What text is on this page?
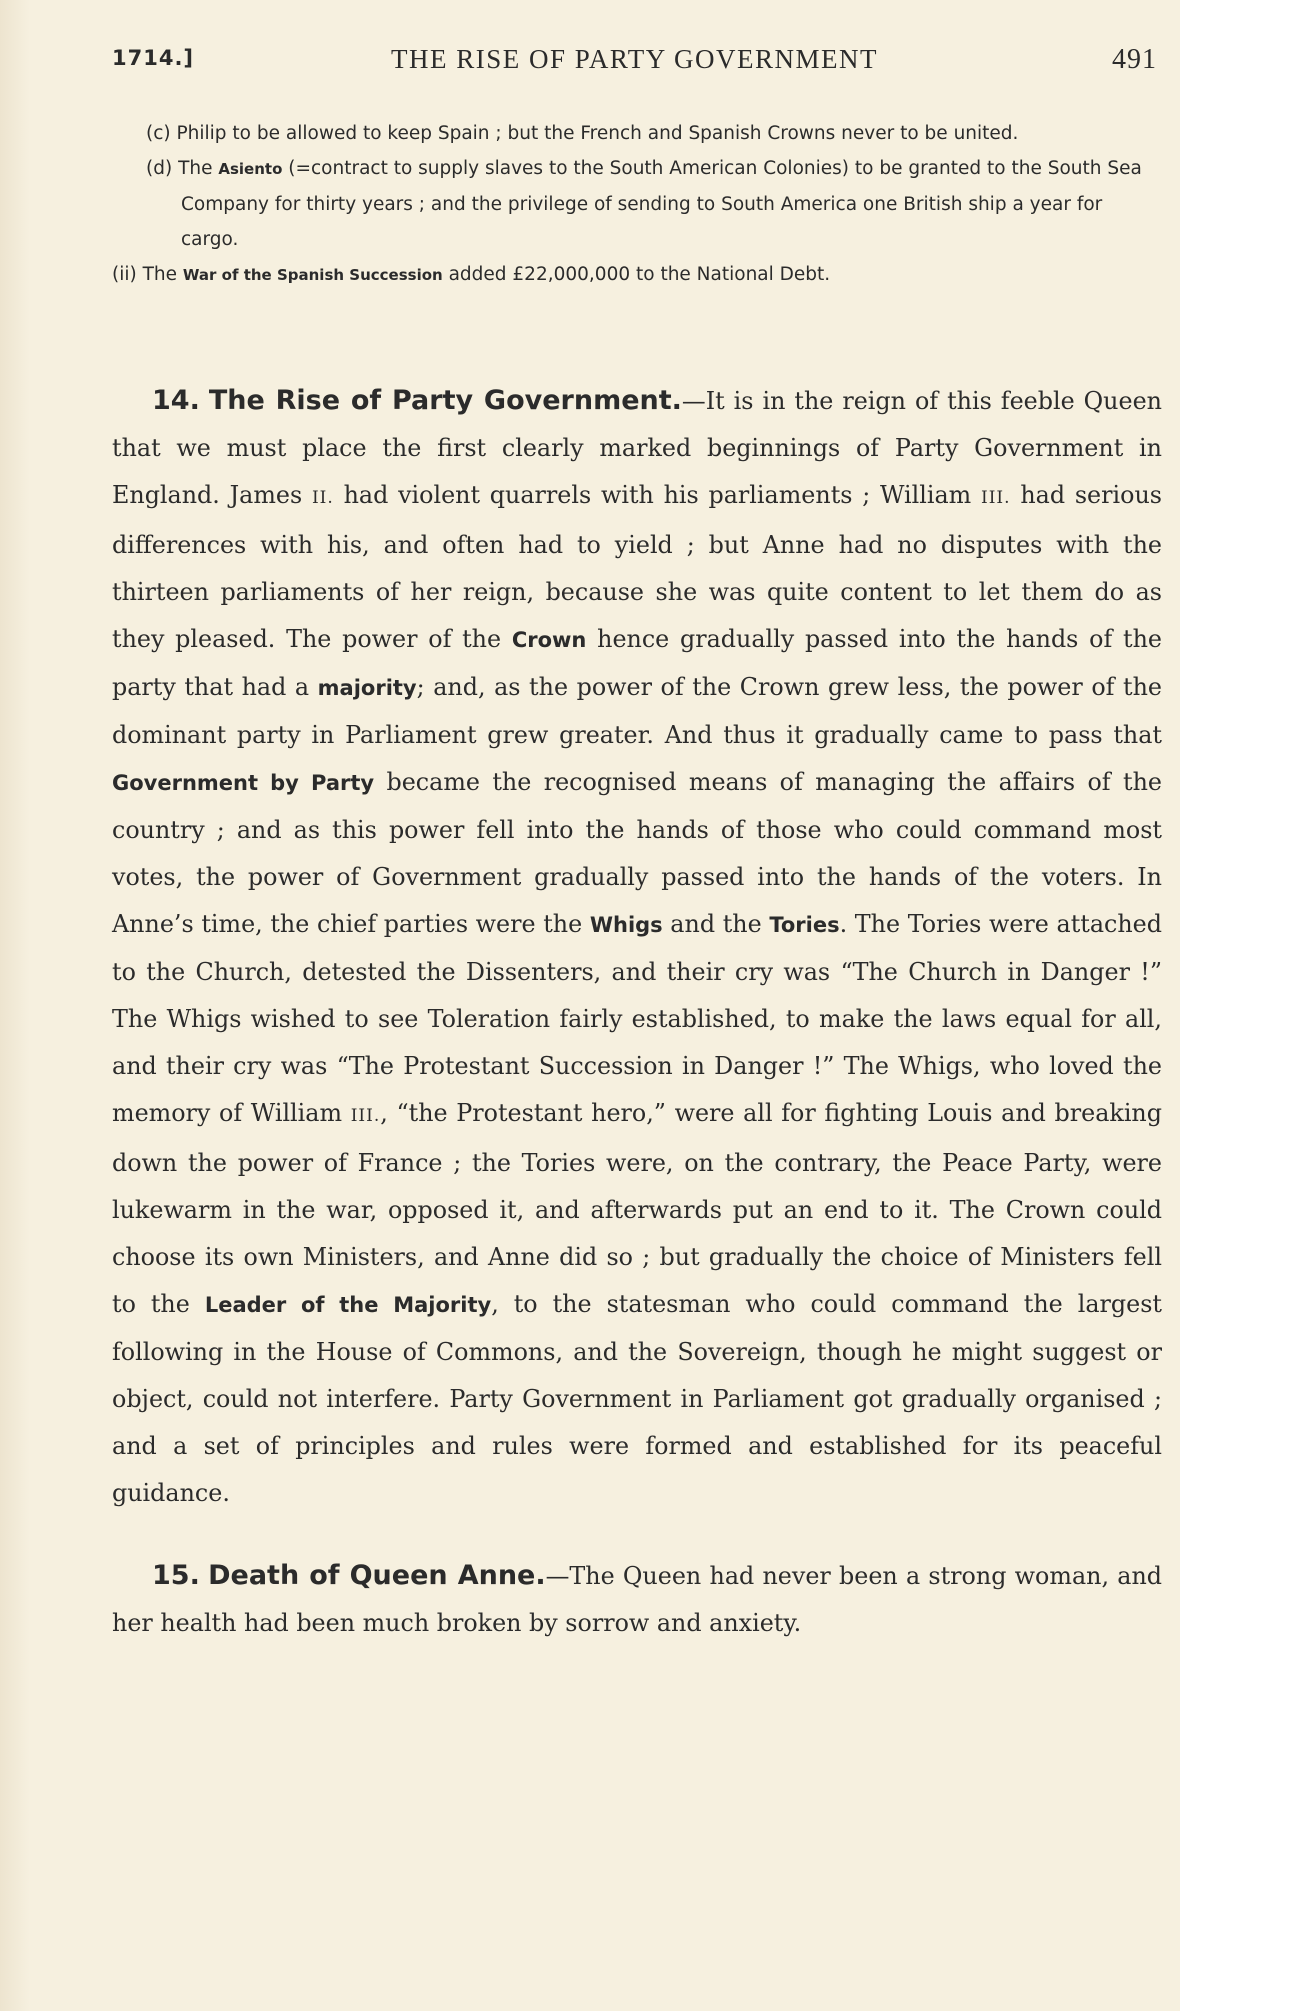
1714.]	THE RISE OF PARTY GOVERNMENT	491

(c) Philip to be allowed to keep Spain ; but the French and Spanish Crowns never to be united.

(d) The Asiento (=contract to supply slaves to the South American Colonies) to be granted to the South Sea Company for thirty years ; and the privilege of sending to South America one British ship a year for cargo.

(ii) The War of the Spanish Succession added £22,000,000 to the National Debt.

14. The Rise of Party Government.—It is in the reign of this feeble Queen that we must place the first clearly marked beginnings of Party Government in England. James II. had violent quarrels with his parliaments ; William III. had serious differences with his, and often had to yield ; but Anne had no disputes with the thirteen parliaments of her reign, because she was quite content to let them do as they pleased. The power of the Crown hence gradually passed into the hands of the party that had a majority; and, as the power of the Crown grew less, the power of the dominant party in Parliament grew greater. And thus it gradually came to pass that Government by Party became the recognised means of managing the affairs of the country ; and as this power fell into the hands of those who could command most votes, the power of Government gradually passed into the hands of the voters. In Anne’s time, the chief parties were the Whigs and the Tories. The Tories were attached to the Church, detested the Dissenters, and their cry was “The Church in Danger !” The Whigs wished to see Toleration fairly established, to make the laws equal for all, and their cry was “The Protestant Succession in Danger !” The Whigs, who loved the memory of William III., “the Protestant hero,” were all for fighting Louis and breaking down the power of France ; the Tories were, on the contrary, the Peace Party, were lukewarm in the war, opposed it, and afterwards put an end to it. The Crown could choose its own Ministers, and Anne did so ; but gradually the choice of Ministers fell to the Leader of the Majority, to the statesman who could command the largest following in the House of Commons, and the Sovereign, though he might suggest or object, could not interfere. Party Government in Parliament got gradually organised ; and a set of principles and rules were formed and established for its peaceful guidance.

15. Death of Queen Anne.—The Queen had never been a strong woman, and her health had been much broken by sorrow and anxiety.
